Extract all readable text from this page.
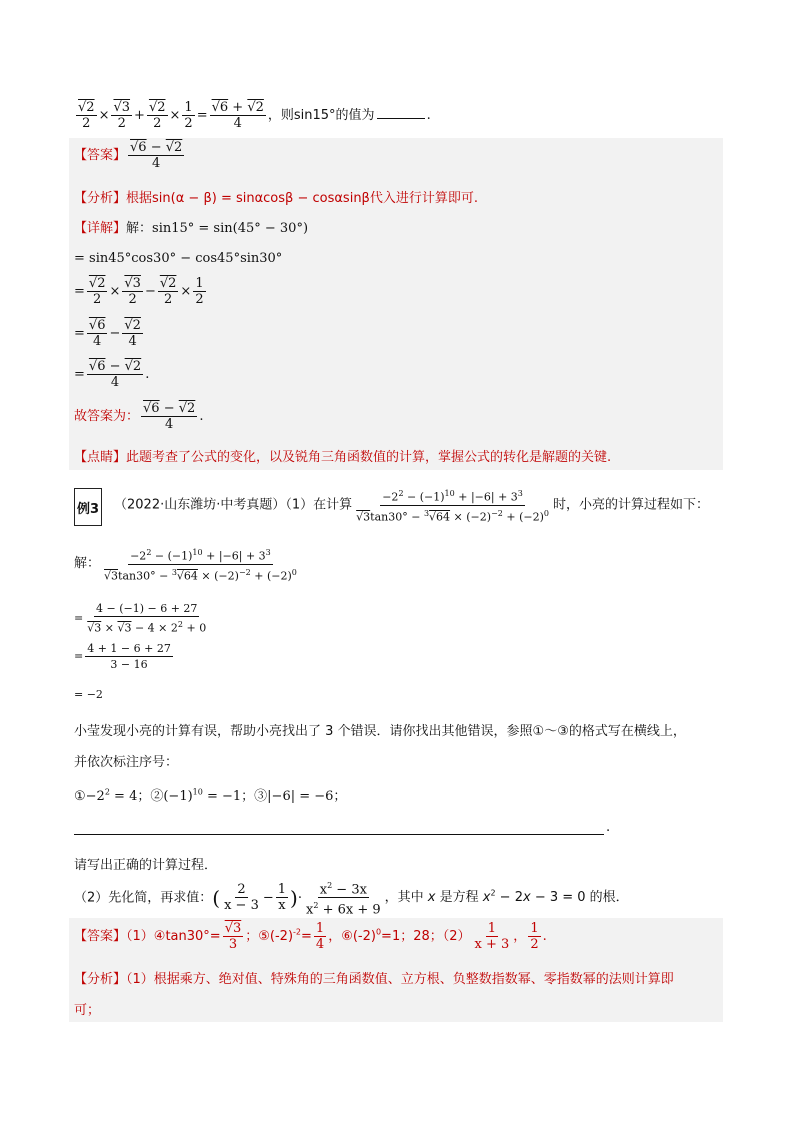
$\frac{√2}{2} \times \frac{√3}{2} + \frac{√2}{2} \times \frac{1}{2} = \frac{√6 + √2}{4}$ ，则sin15°的值为	.
【答案】 $\frac{√6 - √2}{4}$
【分析】根据sin(α − β) = sinαcosβ − cosαsinβ代入进行计算即可.
【详解】解：sin15° = sin(45° − 30°)
= sin45°cos30° − cos45°sin30°
= $\frac{√2}{2} \times \frac{√3}{2} - \frac{√2}{2} \times \frac{1}{2}$
= $\frac{√6}{4} - \frac{√2}{4}$
= $\frac{√6 - √2}{4}$ .
故答案为： $\frac{√6 - √2}{4}$ .
【点睛】此题考查了公式的变化，以及锐角三角函数值的计算，掌握公式的转化是解题的关键.
例3 （2022·山东潍坊·中考真题）（1）在计算 $\frac{-2^2 - (-1)^{10} + |-6| + 3^3}{√3\tan 30^\circ - ^3√64 \times (-2)^{-2} + (-2)^0}$ 时，小亮的计算过程如下：
解： $\frac{-2^2 - (-1)^{10} + |-6| + 3^3}{√3\tan 30^\circ - ^3√64 \times (-2)^{-2} + (-2)^0}$
= $\frac{4 - (-1) - 6 + 27}{√3 \times √3 - 4 \times 2^2 + 0}$
= $\frac{4 + 1 - 6 + 27}{3 - 16}$
= −2
小莹发现小亮的计算有误，帮助小亮找出了 3 个错误．请你找出其他错误，参照①～③的格式写在横线上，
并依次标注序号：
$①-2^2 = 4$；$②(-1)^{10} = -1$；③|−6| = −6；
.
请写出正确的计算过程．
（2）先化简，再求值：( $\frac{2}{x - 3} - \frac{1}{x}$ )· $\frac{x^2 - 3x}{x^2 + 6x + 9}$ ，其中 x 是方程 $x^2 - 2x - 3 = 0$ 的根．
【答案】（1）④tan30°= $\frac{√3}{3}$ ；$⑤(-2)^{-2}= \frac{1}{4}$ ，$⑥(-2)^0=1$；28；$(2) \frac{1}{x + 3}$ ， $\frac{1}{2}$ .
【分析】（1）根据乘方、绝对值、特殊角的三角函数值、立方根、负整数指数幂、零指数幂的法则计算即
可；
